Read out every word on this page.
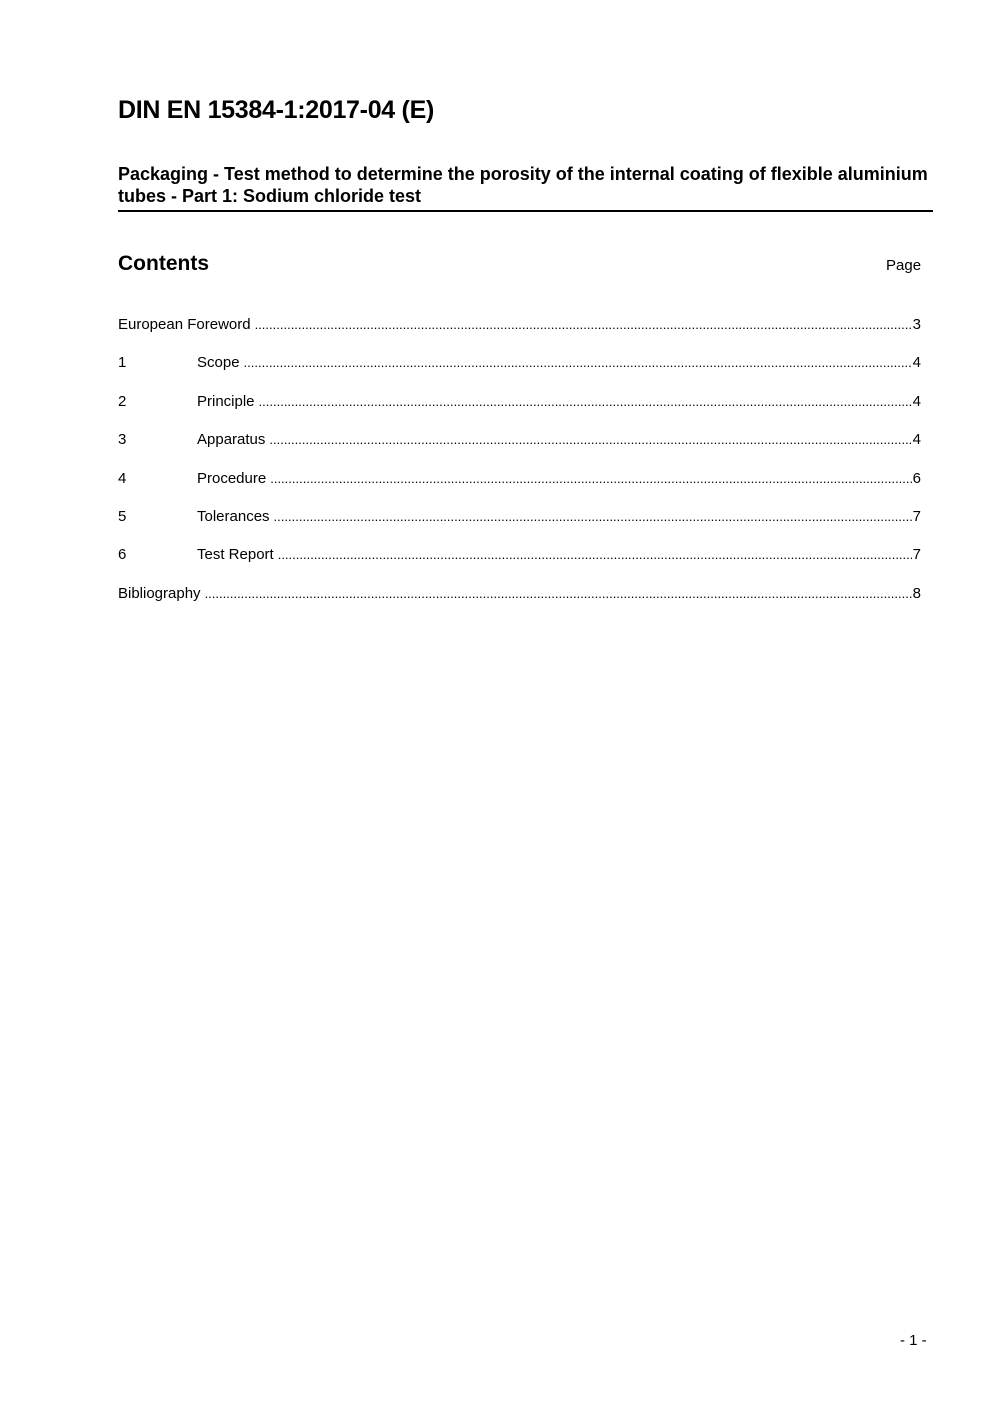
DIN EN 15384-1:2017-04 (E)
Packaging - Test method to determine the porosity of the internal coating of flexible aluminium tubes - Part 1: Sodium chloride test
Contents	Page
European Foreword .....	3
1	Scope .....	4
2	Principle .....	4
3	Apparatus .....	4
4	Procedure .....	6
5	Tolerances .....	7
6	Test Report .....	7
Bibliography .....	8
- 1 -
